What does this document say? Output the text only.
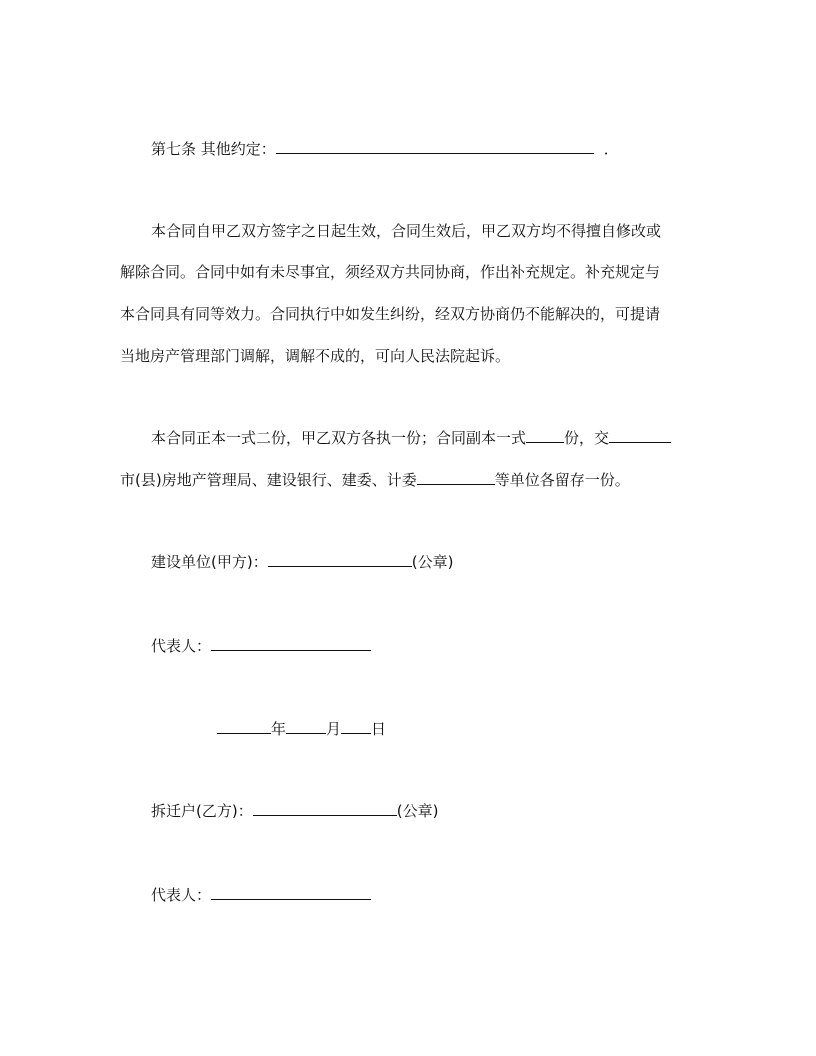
第七条 其他约定：	．
本合同自甲乙双方签字之日起生效，合同生效后，甲乙双方均不得擅自修改或
解除合同。合同中如有未尽事宜，须经双方共同协商，作出补充规定。补充规定与
本合同具有同等效力。合同执行中如发生纠纷，经双方协商仍不能解决的，可提请
当地房产管理部门调解，调解不成的，可向人民法院起诉。
本合同正本一式二份，甲乙双方各执一份；合同副本一式	份，交
市(县)房地产管理局、建设银行、建委、计委	等单位各留存一份。
建设单位(甲方)：	(公章)
代表人：
年	月 日
拆迁户(乙方)：	(公章)
代表人：
